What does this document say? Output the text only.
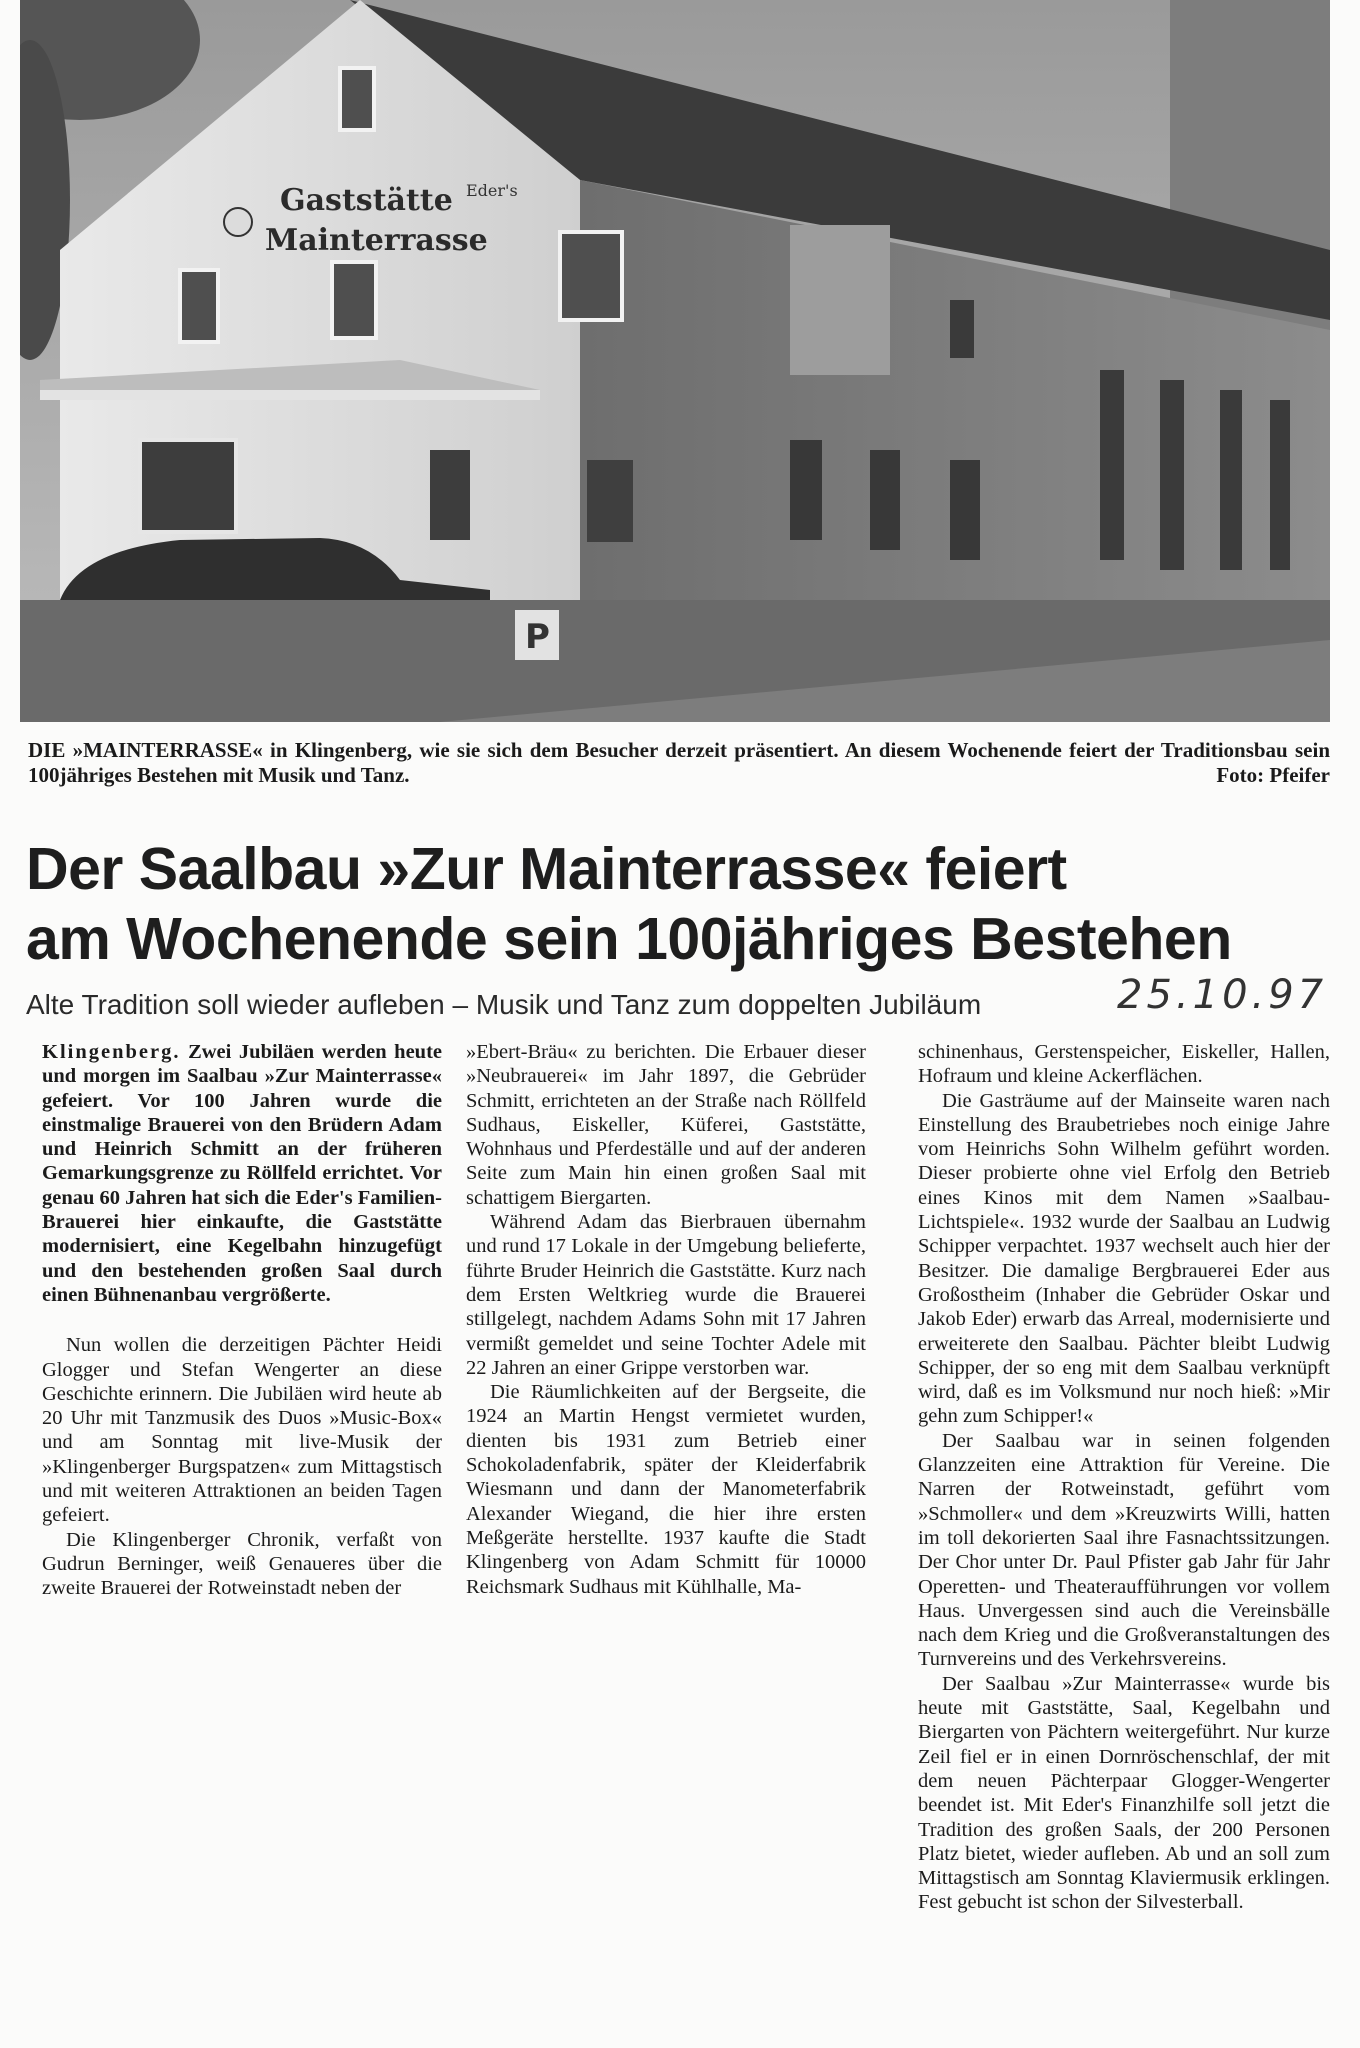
Gaststätte
Mainterrasse
Eder's
P
DIE »MAINTERRASSE« in Klingenberg, wie sie sich dem Besucher derzeit präsentiert. An diesem Wochenende feiert der Traditionsbau sein 100jähriges Bestehen mit Musik und Tanz.	Foto: Pfeifer
Der Saalbau »Zur Mainterrasse« feiert
am Wochenende sein 100jähriges Bestehen
Alte Tradition soll wieder aufleben – Musik und Tanz zum doppelten Jubiläum	25.10.97

Klingenberg. Zwei Jubiläen werden heute und morgen im Saalbau »Zur Mainterrasse« gefeiert. Vor 100 Jahren wurde die einstmalige Brauerei von den Brüdern Adam und Heinrich Schmitt an der früheren Gemarkungsgrenze zu Röllfeld errichtet. Vor genau 60 Jahren hat sich die Eder's Familien-Brauerei hier einkaufte, die Gaststätte modernisiert, eine Kegelbahn hinzugefügt und den bestehenden großen Saal durch einen Bühnenanbau vergrößerte.

Nun wollen die derzeitigen Pächter Heidi Glogger und Stefan Wengerter an diese Geschichte erinnern. Die Jubiläen wird heute ab 20 Uhr mit Tanzmusik des Duos »Music-Box« und am Sonntag mit live-Musik der »Klingenberger Burgspatzen« zum Mittagstisch und mit weiteren Attraktionen an beiden Tagen gefeiert.

Die Klingenberger Chronik, verfaßt von Gudrun Berninger, weiß Genaueres über die zweite Brauerei der Rotweinstadt neben der

»Ebert-Bräu« zu berichten. Die Erbauer dieser »Neubrauerei« im Jahr 1897, die Gebrüder Schmitt, errichteten an der Straße nach Röllfeld Sudhaus, Eiskeller, Küferei, Gaststätte, Wohnhaus und Pferdeställe und auf der anderen Seite zum Main hin einen großen Saal mit schattigem Biergarten.

Während Adam das Bierbrauen übernahm und rund 17 Lokale in der Umgebung belieferte, führte Bruder Heinrich die Gaststätte. Kurz nach dem Ersten Weltkrieg wurde die Brauerei stillgelegt, nachdem Adams Sohn mit 17 Jahren vermißt gemeldet und seine Tochter Adele mit 22 Jahren an einer Grippe verstorben war.

Die Räumlichkeiten auf der Bergseite, die 1924 an Martin Hengst vermietet wurden, dienten bis 1931 zum Betrieb einer Schokoladenfabrik, später der Kleiderfabrik Wiesmann und dann der Manometerfabrik Alexander Wiegand, die hier ihre ersten Meßgeräte herstellte. 1937 kaufte die Stadt Klingenberg von Adam Schmitt für 10000 Reichsmark Sudhaus mit Kühlhalle, Ma-

schinenhaus, Gerstenspeicher, Eiskeller, Hallen, Hofraum und kleine Ackerflächen.

Die Gasträume auf der Mainseite waren nach Einstellung des Braubetriebes noch einige Jahre vom Heinrichs Sohn Wilhelm geführt worden. Dieser probierte ohne viel Erfolg den Betrieb eines Kinos mit dem Namen »Saalbau-Lichtspiele«. 1932 wurde der Saalbau an Ludwig Schipper verpachtet. 1937 wechselt auch hier der Besitzer. Die damalige Bergbrauerei Eder aus Großostheim (Inhaber die Gebrüder Oskar und Jakob Eder) erwarb das Arreal, modernisierte und erweiterete den Saalbau. Pächter bleibt Ludwig Schipper, der so eng mit dem Saalbau verknüpft wird, daß es im Volksmund nur noch hieß: »Mir gehn zum Schipper!«

Der Saalbau war in seinen folgenden Glanzzeiten eine Attraktion für Vereine. Die Narren der Rotweinstadt, geführt vom »Schmoller« und dem »Kreuzwirts Willi, hatten im toll dekorierten Saal ihre Fasnachtssitzungen. Der Chor unter Dr. Paul Pfister gab Jahr für Jahr Operetten- und Theateraufführungen vor vollem Haus. Unvergessen sind auch die Vereinsbälle nach dem Krieg und die Großveranstaltungen des Turnvereins und des Verkehrsvereins.

Der Saalbau »Zur Mainterrasse« wurde bis heute mit Gaststätte, Saal, Kegelbahn und Biergarten von Pächtern weitergeführt. Nur kurze Zeil fiel er in einen Dornröschenschlaf, der mit dem neuen Pächterpaar Glogger-Wengerter beendet ist. Mit Eder's Finanzhilfe soll jetzt die Tradition des großen Saals, der 200 Personen Platz bietet, wieder aufleben. Ab und an soll zum Mittagstisch am Sonntag Klaviermusik erklingen. Fest gebucht ist schon der Silvesterball.
